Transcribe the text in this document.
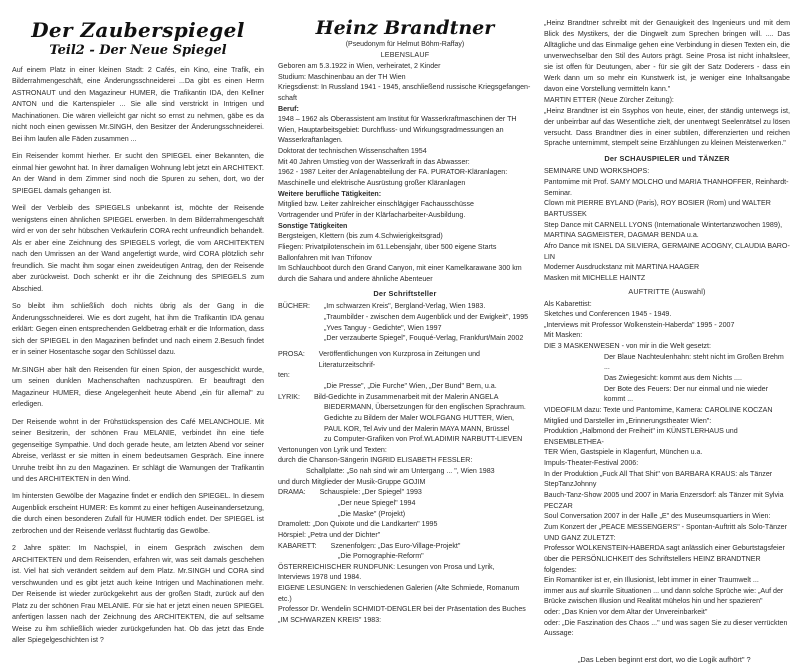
Der Zauberspiegel
Teil2 - Der Neue Spiegel

Auf einem Platz in einer kleinen Stadt: 2 Cafés, ein Kino, eine Trafik, ein Bilderrahmengeschäft, eine Änderungsschneiderei ...Da gibt es einen Herrn ASTRONAUT und den Magazineur HUMER, die Trafikantin IDA, den Kellner ANTON und die Kartenspieler ... Sie alle sind verstrickt in Intrigen und Machinationen. Die wären vielleicht gar nicht so ernst zu nehmen, gäbe es da nicht noch einen gewissen Mr.SINGH, den Besitzer der Änderungsschneiderei. Bei ihm laufen alle Fäden zusammen ...

Ein Reisender kommt hierher. Er sucht den SPIEGEL einer Bekannten, die einmal hier gewohnt hat. In ihrer damaligen Wohnung lebt jetzt ein ARCHITEKT. An der Wand in dem Zimmer sind noch die Spuren zu sehen, dort, wo der SPIEGEL damals gehangen ist.

Weil der Verbleib des SPIEGELS unbekannt ist, möchte der Reisende wenigstens einen ähnlichen SPIEGEL erwerben. In dem Bilderrahmengeschäft wird er von der sehr hübschen Verkäuferin CORA recht unfreundlich behandelt. Als er aber eine Zeichnung des SPIEGELS vorlegt, die vom ARCHITEKTEN nach den Umrissen an der Wand angefertigt wurde, wird CORA plötzlich sehr freundlich. Sie macht ihm sogar einen zweideutigen Antrag, den der Reisende aber zurückweist. Doch schenkt er ihr die Zeichnung des SPIEGELS zum Abschied.

So bleibt ihm schließlich doch nichts übrig als der Gang in die Änderungsschneiderei. Wie es dort zugeht, hat ihm die Trafikantin IDA genau erklärt: Gegen einen entsprechenden Geldbetrag erhält er die Information, dass sich der SPIEGEL in den Magazinen befindet und nach einem 2.Besuch findet er in seiner Hosentasche sogar den Schlüssel dazu.

Mr.SINGH aber hält den Reisenden für einen Spion, der ausgeschickt wurde, um seinen dunklen Machenschaften nachzuspüren. Er beauftragt den Magazineur HUMER, diese Angelegenheit heute Abend „ein für allemal" zu erledigen.

Der Reisende wohnt in der Frühstückspension des Café MELANCHOLIE. Mit seiner Besitzerin, der schönen Frau MELANIE, verbindet ihn eine tiefe gegenseitige Sympathie. Und doch gerade heute, am letzten Abend vor seiner Abreise, verlässt er sie mitten in einem bedeutsamen Gespräch. Eine innere Unruhe treibt ihn zu den Magazinen. Er schlägt die Warnungen der Trafikantin und des ARCHITEKTEN in den Wind.

Im hintersten Gewölbe der Magazine findet er endlich den SPIEGEL. In diesem Augenblick erscheint HUMER: Es kommt zu einer heftigen Auseinandersetzung, die durch einen besonderen Zufall für HUMER tödlich endet. Der SPIEGEL ist zerbrochen und der Reisende verlässt fluchtartig das Gewölbe.

2 Jahre später: Im Nachspiel, in einem Gespräch zwischen dem ARCHITEKTEN und dem Reisenden, erfahren wir, was seit damals geschehen ist. Viel hat sich verändert seitdem auf dem Platz. Mr.SINGH und CORA sind verschwunden und es gibt jetzt auch keine Intrigen und Machinationen mehr. Der Reisende ist wieder zurückgekehrt aus der großen Stadt, zurück auf den Platz zu der schönen Frau MELANIE. Für sie hat er jetzt einen neuen SPIEGEL anfertigen lassen nach der Zeichnung des ARCHITEKTEN, die auf seltsame Weise zu ihm schließlich wieder zurückgefunden hat. Ob das jetzt das Ende aller Spiegelgeschichten ist ?

Heinz Brandtner
(Pseudonym für Helmut Böhm-Raffay)
LEBENSLAUF
Geboren am 5.3.1922 in Wien, verheiratet, 2 Kinder
Studium: Maschinenbau an der TH Wien
Kriegsdienst: In Russland 1941 - 1945, anschließend russische Kriegsgefangen-
schaft
Beruf:
1948 – 1962 als Oberassistent am Institut für Wasserkraftmaschinen der TH
Wien, Hauptarbeitsgebiet: Durchfluss- und Wirkungsgradmessungen an
Wasserkraftanlagen.
Doktorat der technischen Wissenschaften 1954
Mit 40 Jahren Umstieg von der Wasserkraft in das Abwasser:
1962 - 1987 Leiter der Anlagenabteilung der FA. PURATOR-Kläranlagen:
Maschinelle und elektrische Ausrüstung großer Kläranlagen
Weitere berufliche Tätigkeiten:
Mitglied bzw. Leiter zahlreicher einschlägiger Fachausschüsse
Vortragender und Prüfer in der Klärfacharbeiter-Ausbildung.
Sonstige Tätigkeiten
Bergsteigen, Klettern (bis zum 4.Schwierigkeitsgrad)
Fliegen: Privatpilotenschein im 61.Lebensjahr, über 500 eigene Starts
Ballonfahren mit Ivan Trifonov
Im Schlauchboot durch den Grand Canyon, mit einer Kamelkarawane 300 km
durch die Sahara und andere ähnliche Abenteuer
Der Schriftsteller
BÜCHER:	„Im schwarzen Kreis", Bergland-Verlag, Wien 1983.
„Traumbilder - zwischen dem Augenblick und der Ewigkeit", 1995
„Yves Tanguy - Gedichte", Wien 1997
„Der verzauberte Spiegel", Fouqué-Verlag, Frankfurt/Main 2002
PROSA:	Veröffentlichungen von Kurzprosa in Zeitungen und Literaturzeitschrif-
ten:
„Die Presse", „Die Furche" Wien, „Der Bund" Bern, u.a.
LYRIK:	Bild-Gedichte in Zusammenarbeit mit der Malerin ANGELA
BIEDERMANN, Übersetzungen für den englischen Sprachraum.
Gedichte zu Bildern der Maler WOLFGANG HUTTER, Wien,
PAUL KOR, Tel Aviv und der Malerin MAYA MANN, Brüssel
zu Computer-Grafiken von Prof.WLADIMIR NARBUTT-LIEVEN
Vertonungen von Lyrik und Texten:
durch die Chanson-Sängerin INGRID ELISABETH FESSLER:
Schallplatte: „So nah sind wir am Untergang ... ", Wien 1983
und durch Mitglieder der Musik-Gruppe GOJIM
DRAMA:	Schauspiele: „Der Spiegel" 1993
„Der neue Spiegel" 1994
„Die Maske" (Projekt)
Dramolett: „Don Quixote und die Landkarten" 1995
Hörspiel: „Petra und der Dichter"
KABARETT:	Szenenfolgen: „Das Euro-Village-Projekt"
„Die Pornographie-Reform"
ÖSTERREICHISCHER RUNDFUNK: Lesungen von Prosa und Lyrik,
Interviews 1978 und 1984.
EIGENE LESUNGEN: In verschiedenen Galerien (Alte Schmiede, Romanum
etc.)
Professor Dr. Wendelin SCHMIDT-DENGLER bei der Präsentation des Buches
„IM SCHWARZEN KREIS" 1983:

„Heinz Brandtner schreibt mit der Genauigkeit des Ingenieurs und mit dem Blick des Mystikers, der die Dingwelt zum Sprechen bringen will. .... Das Alltägliche und das Einmalige gehen eine Verbindung in diesen Texten ein, die unverwechselbar den Stil des Autors prägt. Seine Prosa ist nicht inhaltsleer, sie ist offen für Deutungen, aber - für sie gilt der Satz Doderers - dass ein Werk dann um so mehr ein Kunstwerk ist, je weniger eine Inhaltsangabe davon eine Vorstellung vermitteln kann."

MARTIN ETTER (Neue Zürcher Zeitung):

„Heinz Brandtner ist ein Ssyphos von heute, einer, der ständig unterwegs ist, der unbeirrbar auf das Wesentliche zielt, der unentwegt Seelenrätsel zu lösen versucht. Dass Brandtner dies in einer subtilen, differenzierten und reichen Sprache unternimmt, stempelt seine Erzählungen zu kleinen Meisterwerken."

Der SCHAUSPIELER und TÄNZER
SEMINARE UND WORKSHOPS:
Pantomime mit Prof. SAMY MOLCHO und MARIA THANHOFFER, Reinhardt-
Seminar.
Clown mit PIERRE BYLAND (Paris), ROY BOSIER (Rom) und WALTER
BARTUSSEK
Step Dance mit CARNELL LYONS (Internationale Wintertanzwochen 1989),
MARTINA SAGMEISTER, DAGMAR BENDA u.a.
Afro Dance mit ISNEL DA SILVIERA, GERMAINE ACOGNY, CLAUDIA BARO-
LIN
Moderner Ausdruckstanz mit MARTINA HAAGER
Masken mit MICHELLE HAINTZ
AUFTRITTE (Auswahl)
Als Kabarettist:
Sketches und Conferencen 1945 - 1949.
„Interviews mit Professor Wolkenstein-Haberda" 1995 - 2007
Mit Masken:
DIE 3 MASKENWESEN - von mir in die Welt gesetzt:
Der Blaue Nachteulenhahn: steht nicht im Großen Brehm ...
Das Zwiegesicht: kommt aus dem Nichts ....
Der Bote des Feuers: Der nur einmal und nie wieder kommt ...
VIDEOFILM dazu: Texte und Pantomime, Kamera: CAROLINE KOCZAN
Mitglied und Darsteller im „Erinnerungstheater Wien":
Produktion „Halbmond der Freiheit" im KÜNSTLERHAUS und ENSEMBLETHEA-
TER Wien, Gastspiele in Klagenfurt, München u.a.
Impuls-Theater-Festival 2006:
In der Produktion „Fuck All That Shit" von BARBARA KRAUS: als Tänzer
StepTanzJohnny
Bauch-Tanz-Show 2005 und 2007 in Maria Enzersdorf: als Tänzer mit Sylvia
PECZAR
Soul Conversation 2007 in der Halle „E" des Museumsquartiers in Wien:
Zum Konzert der „PEACE MESSENGERS" - Spontan-Auftritt als Solo-Tänzer
UND GANZ ZULETZT:
Professor WOLKENSTEIN-HABERDA sagt anlässlich einer Geburtstagsfeier
über die PERSÖNLICHKEIT des Schriftstellers HEINZ BRANDTNER folgendes:
Ein Romantiker ist er, ein Illusionist, lebt immer in einer Traumwelt ...
immer aus auf skurrile Situationen ... und dann solche Sprüche wie: „Auf der
Brücke zwischen Illusion und Realität mühelos hin und her spazieren"
oder: „Das Knien vor dem Altar der Unvereinbarkeit"
oder: „Die Faszination des Chaos ..." und was sagen Sie zu dieser verrückten
Aussage:
„Das Leben beginnt erst dort, wo die Logik aufhört" ?
